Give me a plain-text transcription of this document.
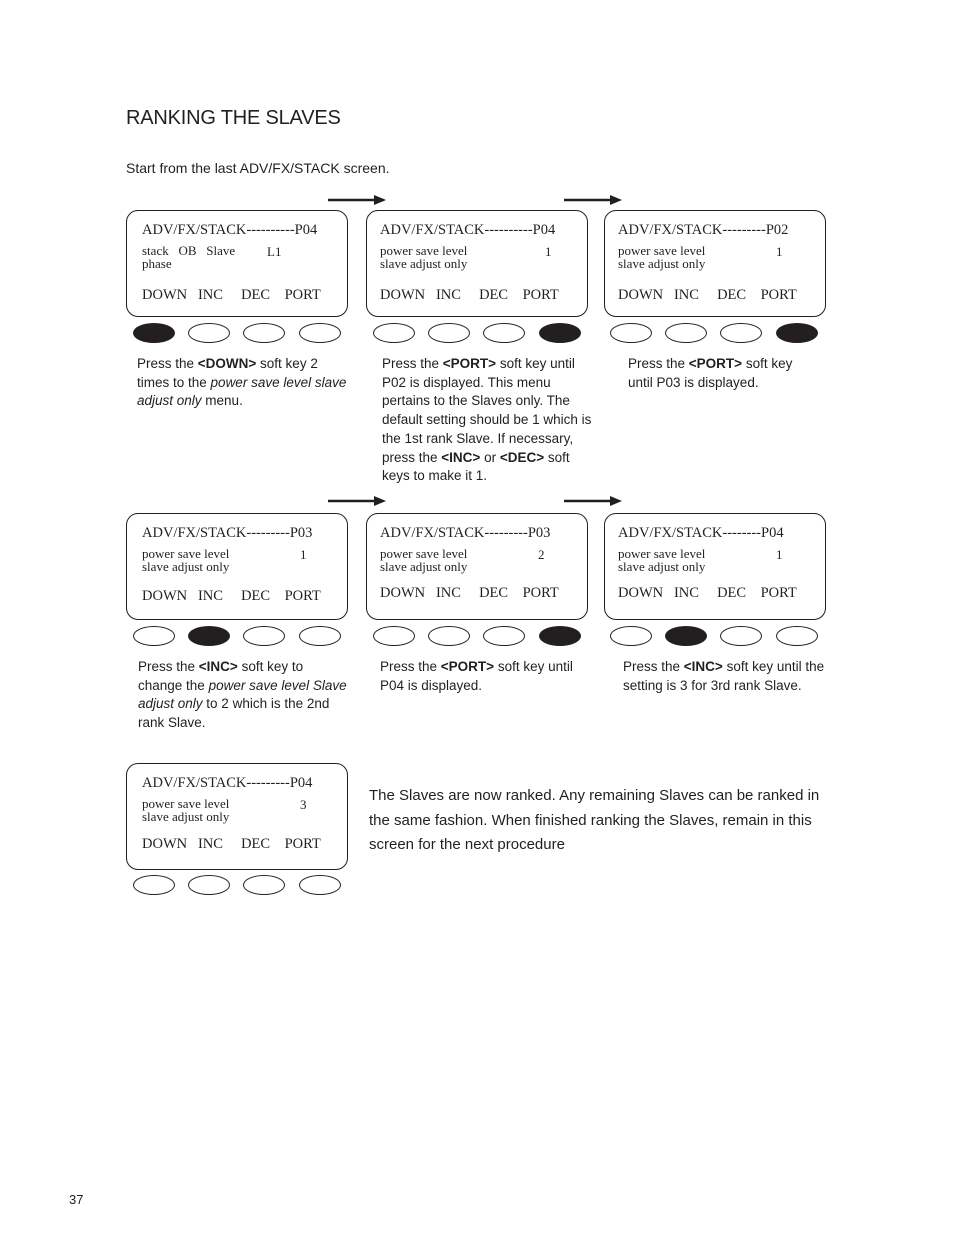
RANKING THE SLAVES
Start from the last ADV/FX/STACK screen.
ADV/FX/STACK----------P04
stack   OB   Slave L1
phase
DOWN   INC     DEC    PORT
ADV/FX/STACK----------P04
power save level	1
slave adjust only
DOWN   INC     DEC    PORT
ADV/FX/STACK---------P02
power save level	1
slave adjust only
DOWN   INC     DEC    PORT
Press the <DOWN> soft key 2 times to the power save level slave adjust only menu.
Press the <PORT> soft key until P02 is displayed. This menu pertains to the Slaves only. The default setting should be 1 which is the 1st rank Slave. If necessary, press the <INC> or <DEC> soft keys to make it 1.
Press the <PORT> soft key until P03 is displayed.
ADV/FX/STACK---------P03
power save level	1
slave adjust only
DOWN   INC     DEC    PORT
ADV/FX/STACK---------P03
power save level	2
slave adjust only
DOWN   INC     DEC    PORT
ADV/FX/STACK--------P04
power save level	1
slave adjust only
DOWN   INC     DEC    PORT
Press the <INC> soft key to change the power save level Slave adjust only to 2 which is the 2nd rank Slave.
Press the <PORT> soft key until P04 is displayed.
Press the <INC> soft key until the setting is 3 for 3rd rank Slave.
ADV/FX/STACK---------P04
power save level	3
slave adjust only
DOWN   INC     DEC    PORT
The Slaves are now ranked. Any remaining Slaves can be ranked in the same fashion. When finished ranking the Slaves, remain in this screen for the next procedure
37
